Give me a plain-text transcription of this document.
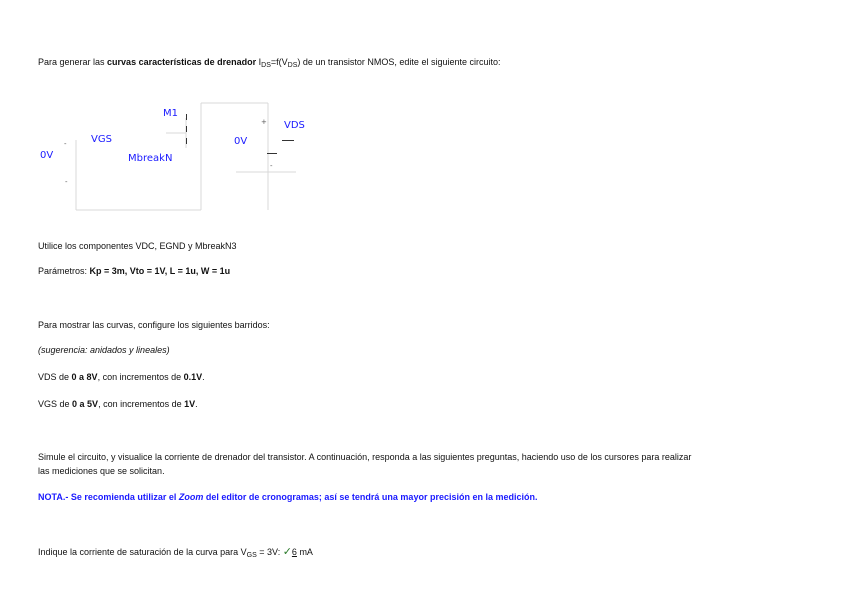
Para generar las curvas características de drenador $I_{DS}=f(V_{DS})$ de un transistor NMOS, edite el siguiente circuito:
-
-
+
-
M1
VGS
VDS
0V
0V
MbreakN
Utilice los componentes VDC, EGND y MbreakN3
Parámetros: Kp = 3m, Vto = 1V, L = 1u, W = 1u
Para mostrar las curvas, configure los siguientes barridos:
(sugerencia: anidados y lineales)
VDS de 0 a 8V, con incrementos de 0.1V.
VGS de 0 a 5V, con incrementos de 1V.
Simule el circuito, y visualice la corriente de drenador del transistor. A continuación, responda a las siguientes preguntas, haciendo uso de los cursores para realizar
las mediciones que se solicitan.
NOTA.- Se recomienda utilizar el Zoom del editor de cronogramas; así se tendrá una mayor precisión en la medición.
Indique la corriente de saturación de la curva para $V_{GS} = 3V$: ✓6 mA
